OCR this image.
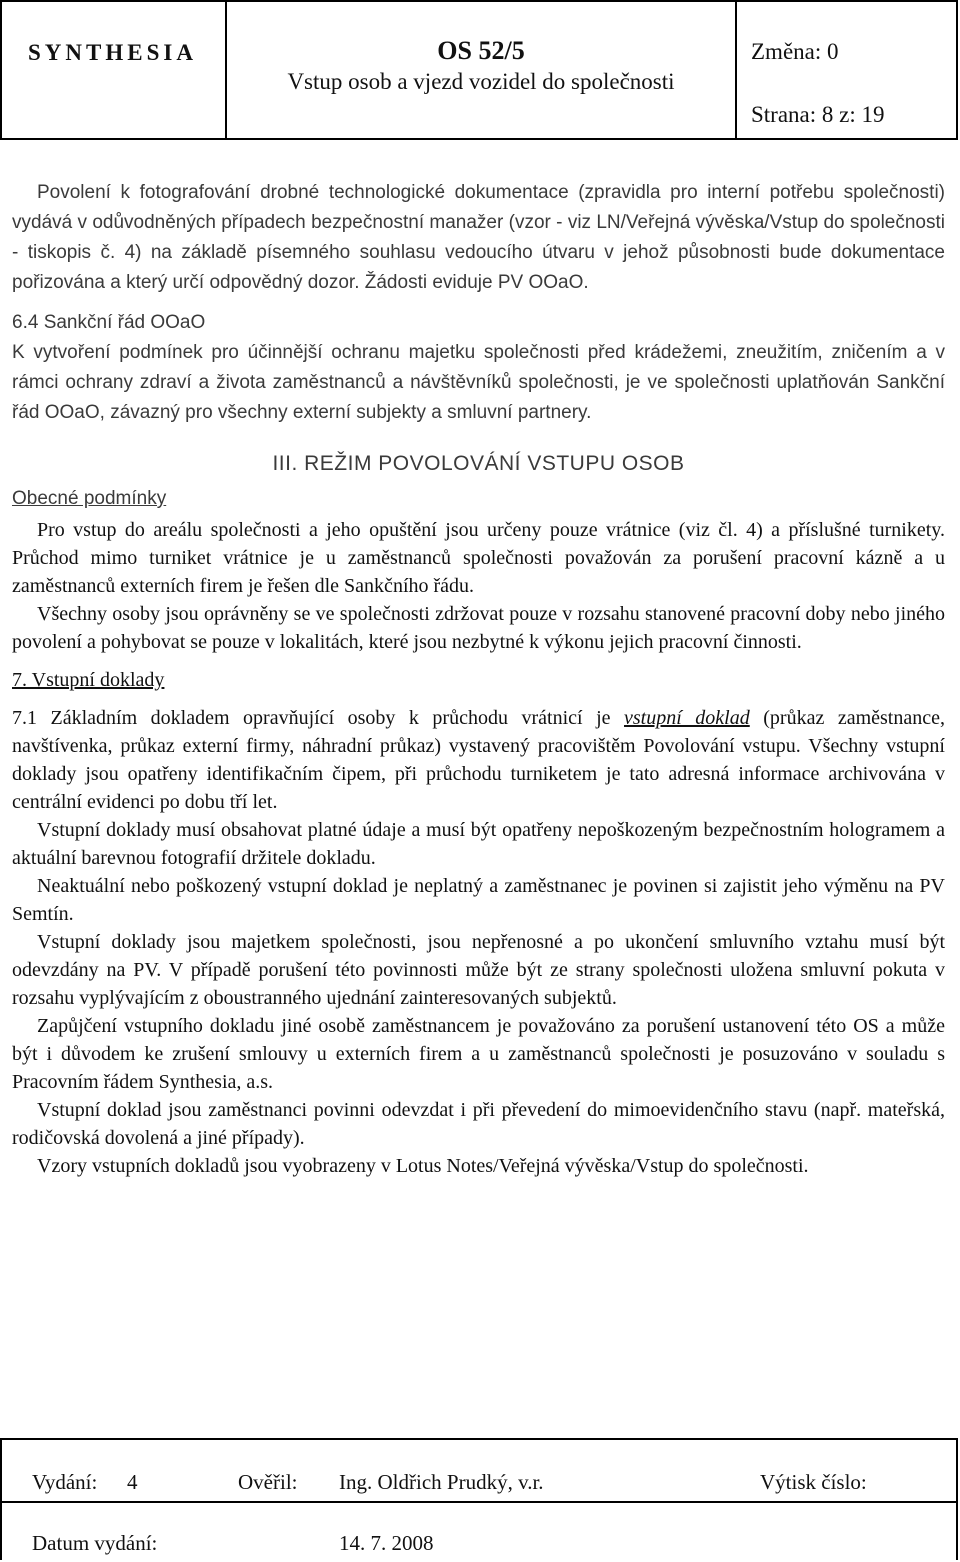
SYNTHESIA	OS 52/5
Vstup osob a vjezd vozidel do společnosti
Změna: 0
Strana: 8 z: 19

Povolení k fotografování drobné technologické dokumentace (zpravidla pro interní potřebu společnosti) vydává v odůvodněných případech bezpečnostní manažer (vzor - viz LN/Veřejná vývěska/Vstup do společnosti - tiskopis č. 4) na základě písemného souhlasu vedoucího útvaru v jehož působnosti bude dokumentace pořizována a který určí odpovědný dozor. Žádosti eviduje PV OOaO.

6.4 Sankční řád OOaO

K vytvoření podmínek pro účinnější ochranu majetku společnosti před krádežemi, zneužitím, zničením a v rámci ochrany zdraví a života zaměstnanců a návštěvníků společnosti, je ve společnosti uplatňován Sankční řád OOaO, závazný pro všechny externí subjekty a smluvní partnery.

III. REŽIM POVOLOVÁNÍ VSTUPU OSOB
Obecné podmínky

Pro vstup do areálu společnosti a jeho opuštění jsou určeny pouze vrátnice (viz čl. 4) a příslušné turnikety. Průchod mimo turniket vrátnice je u zaměstnanců společnosti považován za porušení pracovní kázně a u zaměstnanců externích firem je řešen dle Sankčního řádu.

Všechny osoby jsou oprávněny se ve společnosti zdržovat pouze v rozsahu stanovené pracovní doby nebo jiného povolení a pohybovat se pouze v lokalitách, které jsou nezbytné k výkonu jejich pracovní činnosti.

7. Vstupní doklady

7.1 Základním dokladem opravňující osoby k průchodu vrátnicí je vstupní doklad (průkaz zaměstnance, navštívenka, průkaz externí firmy, náhradní průkaz) vystavený pracovištěm Povolování vstupu. Všechny vstupní doklady jsou opatřeny identifikačním čipem, při průchodu turniketem je tato adresná informace archivována v centrální evidenci po dobu tří let.

Vstupní doklady musí obsahovat platné údaje a musí být opatřeny nepoškozeným bezpečnostním hologramem a aktuální barevnou fotografií držitele dokladu.

Neaktuální nebo poškozený vstupní doklad je neplatný a zaměstnanec je povinen si zajistit jeho výměnu na PV Semtín.

Vstupní doklady jsou majetkem společnosti, jsou nepřenosné a po ukončení smluvního vztahu musí být odevzdány na PV. V případě porušení této povinnosti může být ze strany společnosti uložena smluvní pokuta v rozsahu vyplývajícím z oboustranného ujednání zainteresovaných subjektů.

Zapůjčení vstupního dokladu jiné osobě zaměstnancem je považováno za porušení ustanovení této OS a může být i důvodem ke zrušení smlouvy u externích firem a u zaměstnanců společnosti je posuzováno v souladu s Pracovním řádem Synthesia, a.s.

Vstupní doklad jsou zaměstnanci povinni odevzdat i při převedení do mimoevidenčního stavu (např. mateřská, rodičovská dovolená a jiné případy).

Vzory vstupních dokladů jsou vyobrazeny v Lotus Notes/Veřejná vývěska/Vstup do společnosti.

Vydání: 4	Ověřil: Ing. Oldřich Prudký, v.r.	Výtisk číslo:
Datum vydání:	14. 7. 2008
